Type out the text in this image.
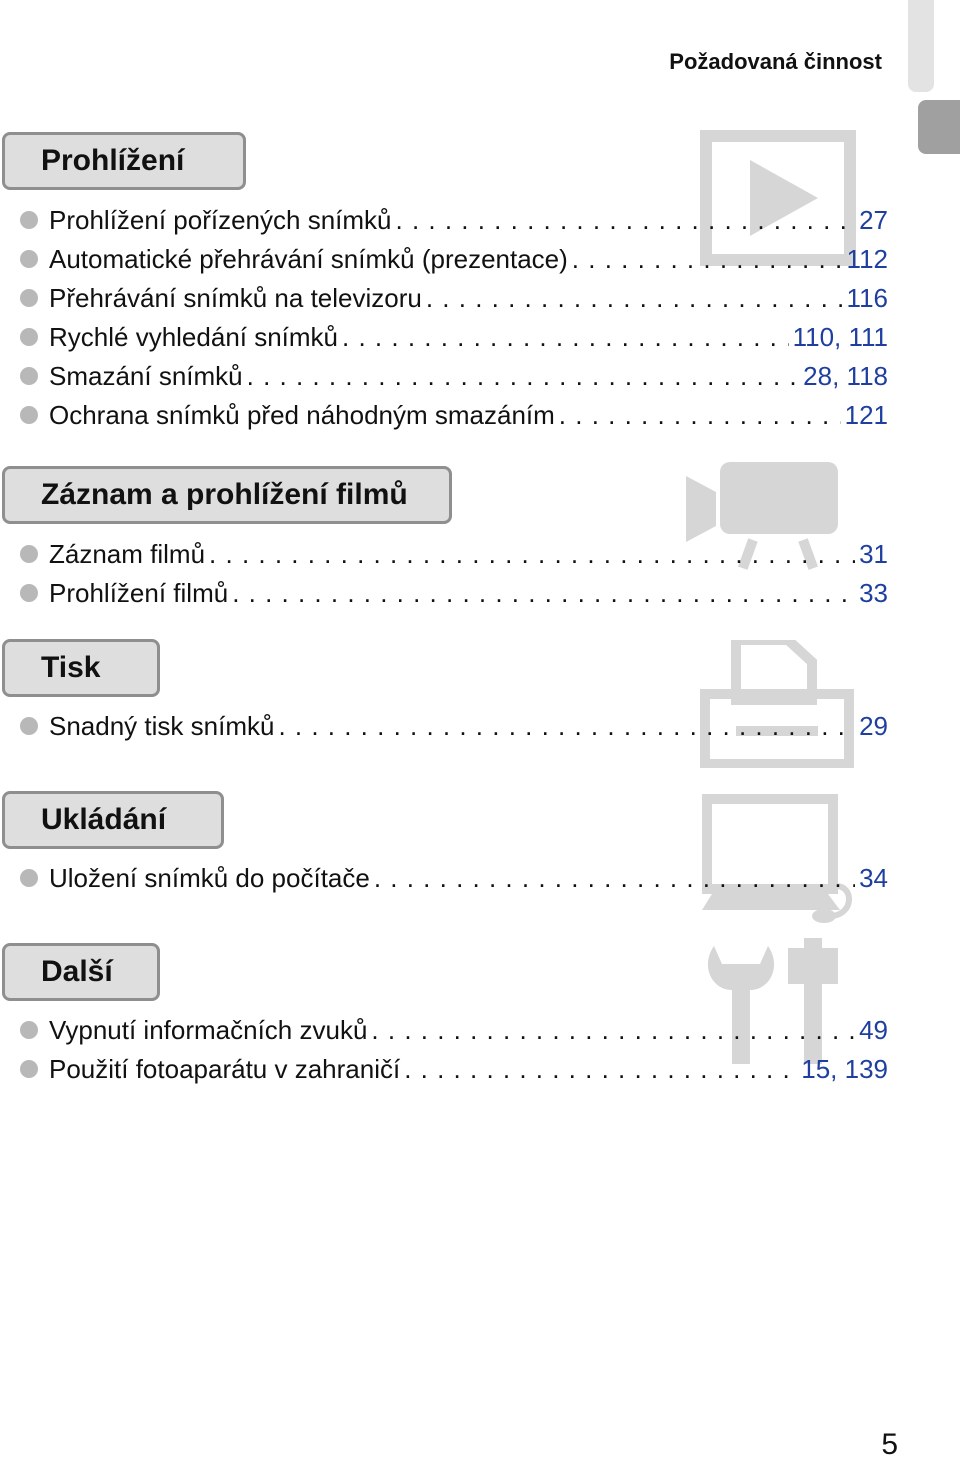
Požadovaná činnost
Prohlížení
Prohlížení pořízených snímků . . .	27
Automatické přehrávání snímků (prezentace) . . .	112
Přehrávání snímků na televizoru . . .	116
Rychlé vyhledání snímků . . .	110, 111
Smazání snímků . . .	28, 118
Ochrana snímků před náhodným smazáním . . .	121
Záznam a prohlížení filmů
Záznam filmů . . .	31
Prohlížení filmů . . .	33
Tisk
Snadný tisk snímků . . .	29
Ukládání
Uložení snímků do počítače . . .	34
Další
Vypnutí informačních zvuků . . .	49
Použití fotoaparátu v zahraničí . . .	15, 139
5
